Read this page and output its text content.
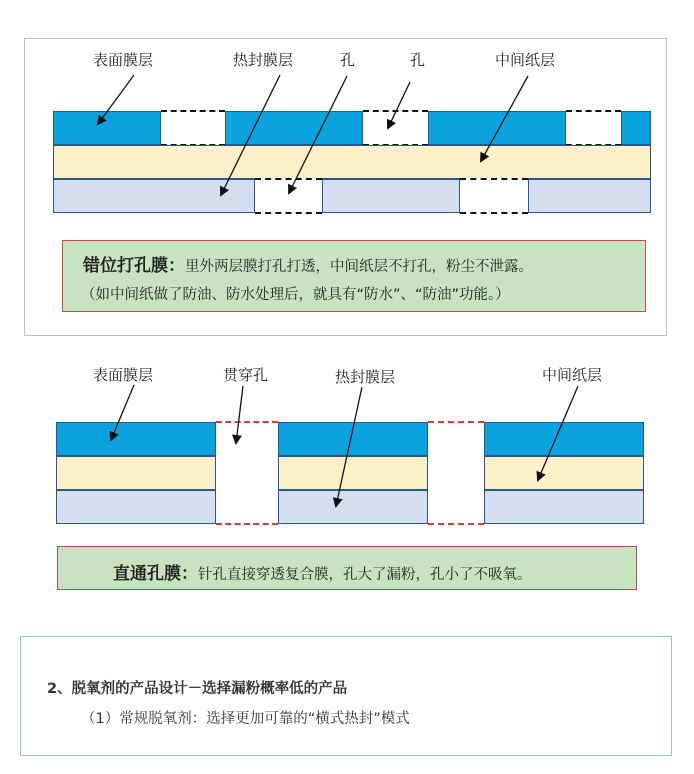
表面膜层	热封膜层	孔	孔	中间纸层
错位打孔膜：里外两层膜打孔打透，中间纸层不打孔，粉尘不泄露。
（如中间纸做了防油、防水处理后，就具有“防水”、“防油”功能。）
表面膜层	贯穿孔	热封膜层	中间纸层
直通孔膜：针孔直接穿透复合膜，孔大了漏粉，孔小了不吸氧。
2、脱氧剂的产品设计－选择漏粉概率低的产品
（1）常规脱氧剂：选择更加可靠的“横式热封”模式
